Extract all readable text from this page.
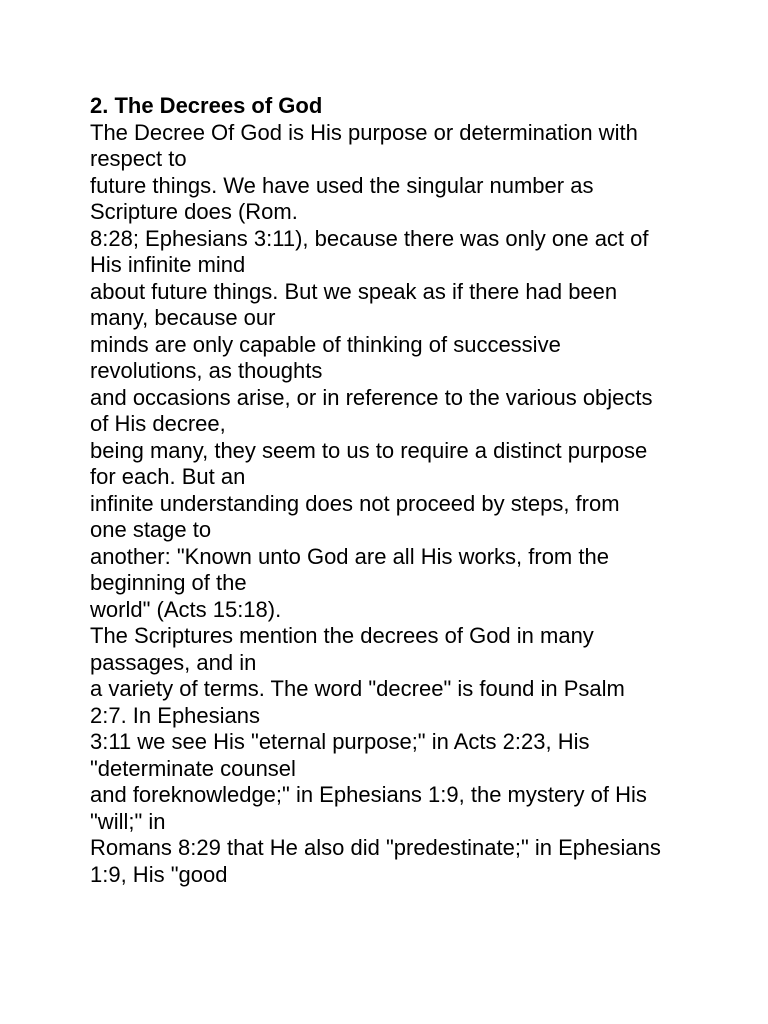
2. The Decrees of God
The Decree Of God is His purpose or determination with
respect to
future things. We have used the singular number as
Scripture does (Rom.
8:28; Ephesians 3:11), because there was only one act of
His infinite mind
about future things. But we speak as if there had been
many, because our
minds are only capable of thinking of successive
revolutions, as thoughts
and occasions arise, or in reference to the various objects
of His decree,
being many, they seem to us to require a distinct purpose
for each. But an
infinite understanding does not proceed by steps, from
one stage to
another: "Known unto God are all His works, from the
beginning of the
world" (Acts 15:18).
The Scriptures mention the decrees of God in many
passages, and in
a variety of terms. The word "decree" is found in Psalm
2:7. In Ephesians
3:11 we see His "eternal purpose;" in Acts 2:23, His
"determinate counsel
and foreknowledge;" in Ephesians 1:9, the mystery of His
"will;" in
Romans 8:29 that He also did "predestinate;" in Ephesians
1:9, His "good
